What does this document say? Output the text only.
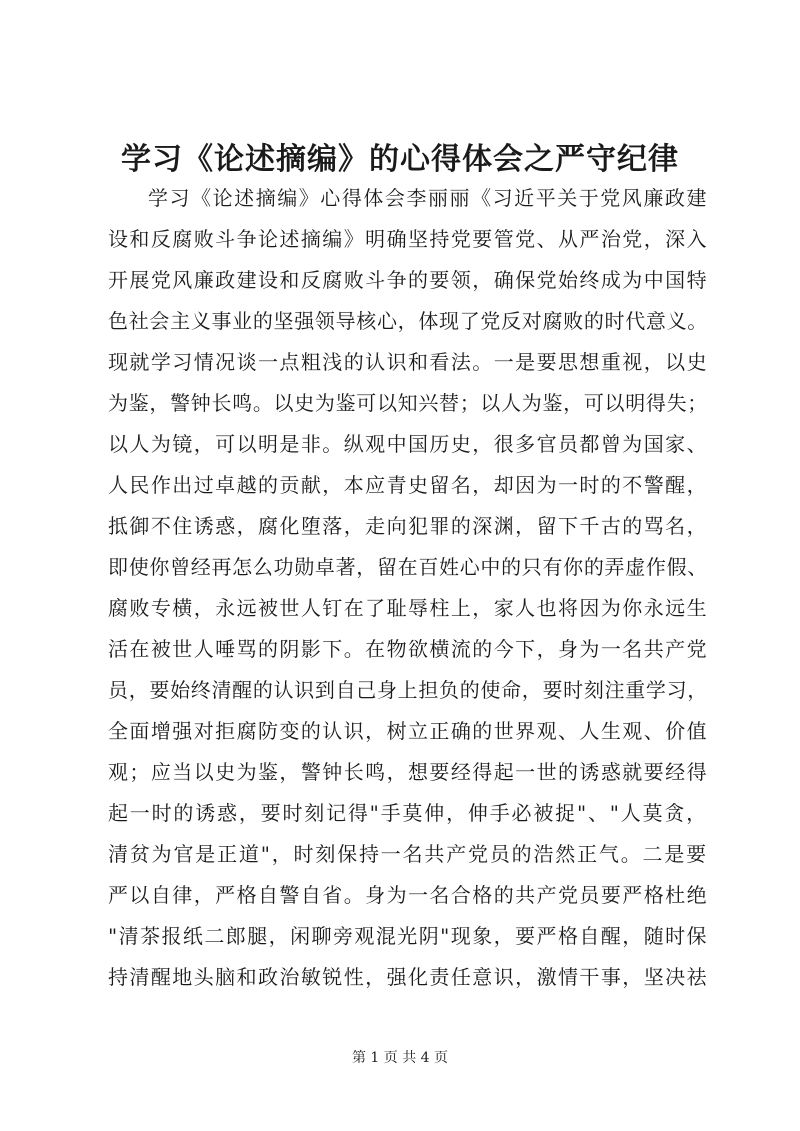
学习《论述摘编》的心得体会之严守纪律
学习《论述摘编》心得体会李丽丽《习近平关于党风廉政建
设和反腐败斗争论述摘编》明确坚持党要管党、从严治党，深入
开展党风廉政建设和反腐败斗争的要领，确保党始终成为中国特
色社会主义事业的坚强领导核心，体现了党反对腐败的时代意义。
现就学习情况谈一点粗浅的认识和看法。一是要思想重视，以史
为鉴，警钟长鸣。以史为鉴可以知兴替；以人为鉴，可以明得失；
以人为镜，可以明是非。纵观中国历史，很多官员都曾为国家、
人民作出过卓越的贡献，本应青史留名，却因为一时的不警醒，
抵御不住诱惑，腐化堕落，走向犯罪的深渊，留下千古的骂名，
即使你曾经再怎么功勋卓著，留在百姓心中的只有你的弄虚作假、
腐败专横，永远被世人钉在了耻辱柱上，家人也将因为你永远生
活在被世人唾骂的阴影下。在物欲横流的今下，身为一名共产党
员，要始终清醒的认识到自己身上担负的使命，要时刻注重学习，
全面增强对拒腐防变的认识，树立正确的世界观、人生观、价值
观；应当以史为鉴，警钟长鸣，想要经得起一世的诱惑就要经得
起一时的诱惑，要时刻记得"手莫伸，伸手必被捉"、"人莫贪，
清贫为官是正道"，时刻保持一名共产党员的浩然正气。二是要
严以自律，严格自警自省。身为一名合格的共产党员要严格杜绝
"清茶报纸二郎腿，闲聊旁观混光阴"现象，要严格自醒，随时保
持清醒地头脑和政治敏锐性，强化责任意识，激情干事，坚决祛
第 1 页 共 4 页
